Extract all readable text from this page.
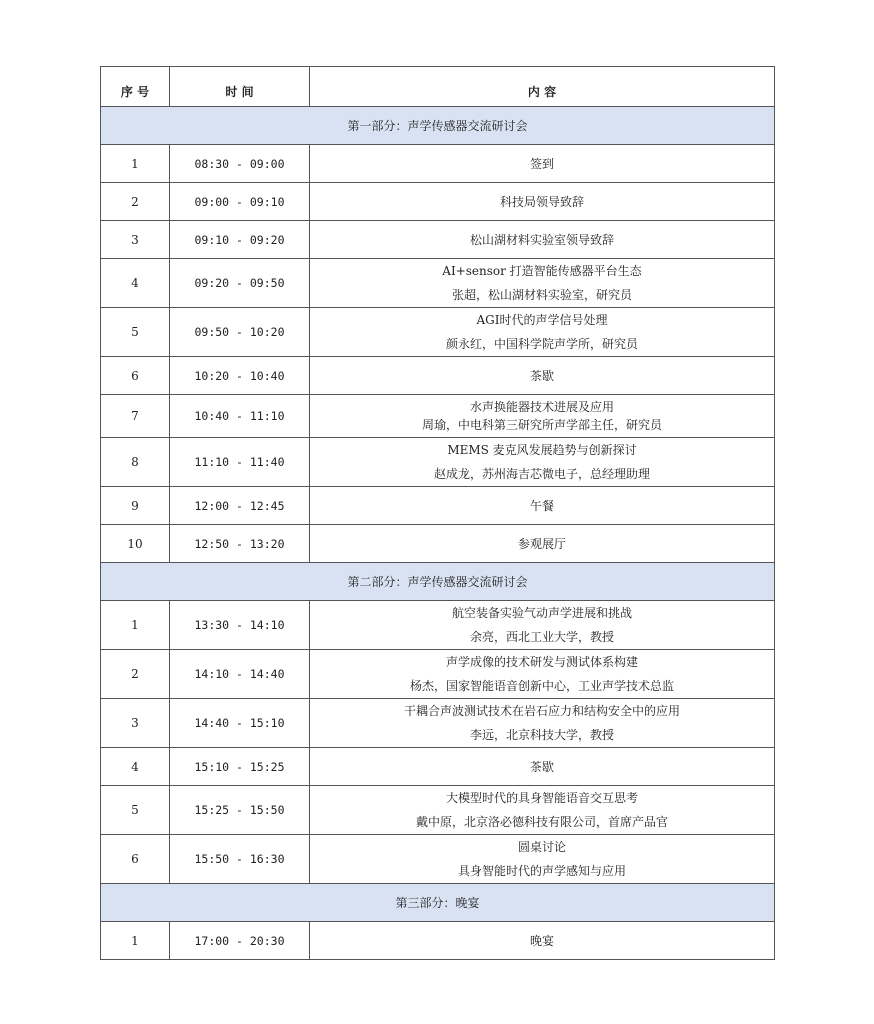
序 号	时 间	内 容
第一部分：声学传感器交流研讨会		
1	08:30 - 09:00	签到

2	09:00 - 09:10	科技局领导致辞

3	09:10 - 09:20	松山湖材料实验室领导致辞

4	09:20 - 09:50	AI+sensor 打造智能传感器平台生态
张超，松山湖材料实验室，研究员

5	09:50 - 10:20	AGI时代的声学信号处理
颜永红，中国科学院声学所，研究员

6	10:20 - 10:40	茶歇

7	10:40 - 11:10	水声换能器技术进展及应用
周瑜，中电科第三研究所声学部主任，研究员

8	11:10 - 11:40	MEMS 麦克风发展趋势与创新探讨
赵成龙，苏州海吉芯微电子，总经理助理

9	12:00 - 12:45	午餐

10	12:50 - 13:20	参观展厅

第二部分：声学传感器交流研讨会		
1	13:30 - 14:10	航空装备实验气动声学进展和挑战
余亮，西北工业大学，教授

2	14:10 - 14:40	声学成像的技术研发与测试体系构建
杨杰，国家智能语音创新中心，工业声学技术总监

3	14:40 - 15:10	干耦合声波测试技术在岩石应力和结构安全中的应用
李远，北京科技大学，教授

4	15:10 - 15:25	茶歇

5	15:25 - 15:50	大模型时代的具身智能语音交互思考
戴中原，北京洛必德科技有限公司，首席产品官

6	15:50 - 16:30	圆桌讨论
具身智能时代的声学感知与应用

第三部分：晚宴		
1	17:00 - 20:30	晚宴
